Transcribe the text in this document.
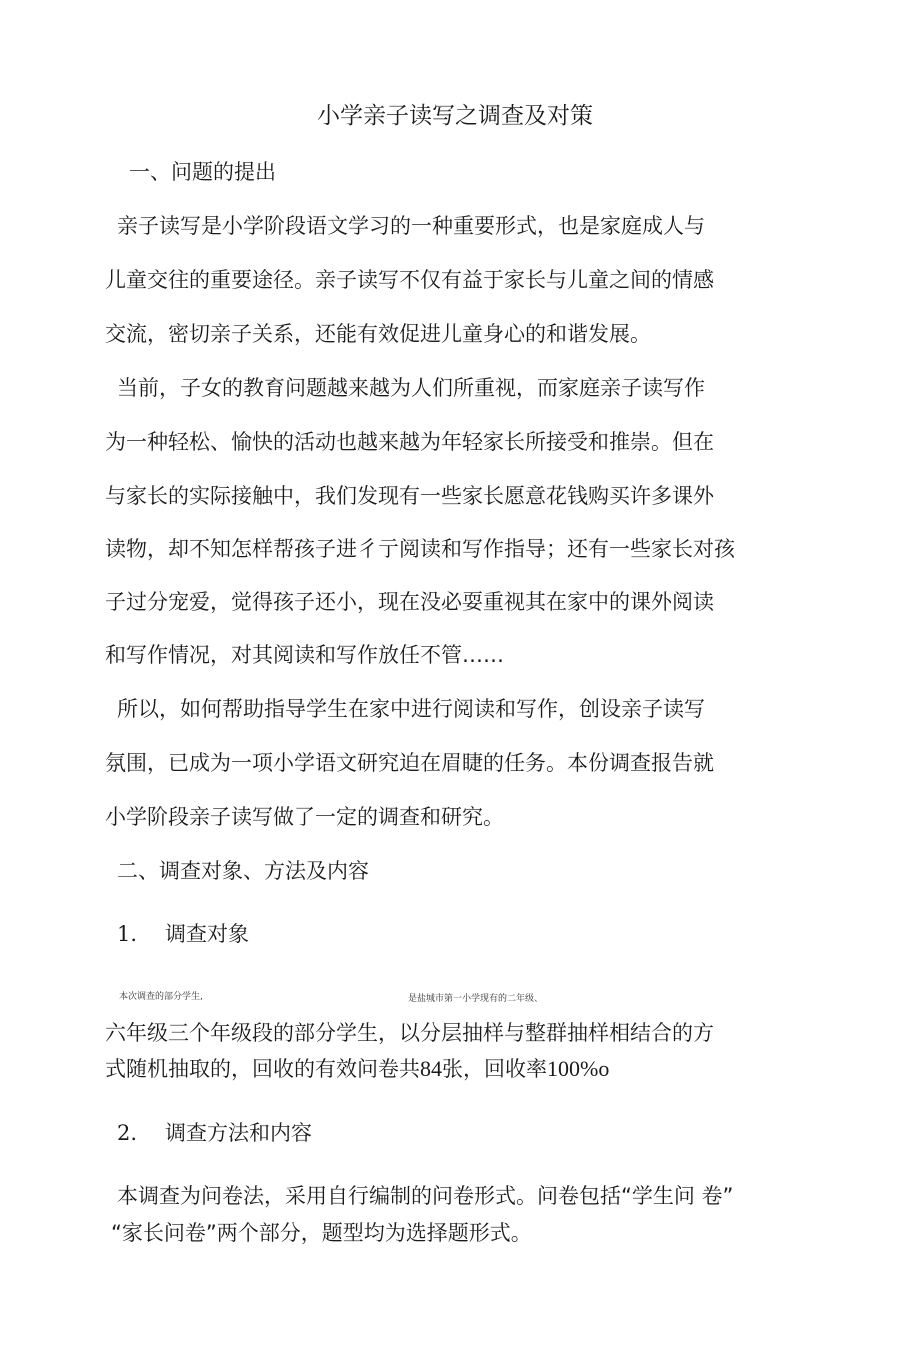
小学亲子读写之调查及对策
一、问题的提出
亲子读写是小学阶段语文学习的一种重要形式，也是家庭成人与
儿童交往的重要途径。亲子读写不仅有益于家长与儿童之间的情感
交流，密切亲子关系，还能有效促进儿童身心的和谐发展。
当前，子女的教育问题越来越为人们所重视，而家庭亲子读写作
为一种轻松、愉快的活动也越来越为年轻家长所接受和推崇。但在
与家长的实际接触中，我们发现有一些家长愿意花钱购买许多课外
读物，却不知怎样帮孩子进彳亍阅读和写作指导；还有一些家长对孩
子过分宠爱，觉得孩子还小，现在没必耍重视其在家中的课外阅读
和写作情况，对其阅读和写作放任不管……
所以，如何帮助指导学生在家中进行阅读和写作，创设亲子读写
氛围，已成为一项小学语文研究迫在眉睫的任务。本份调查报告就
小学阶段亲子读写做了一定的调查和研究。
二、调查对象、方法及内容
1. 调查对象
本次调查的部分学生,	是盐城市第一小学现有的二年级、
六年级三个年级段的部分学生，以分层抽样与整群抽样相结合的方
式随机抽取的，回收的有效问卷共84张，回收率100%o
2. 调查方法和内容
本调查为问卷法，采用自行编制的问卷形式。问卷包括“学生问 卷”
“家长问卷”两个部分，题型均为选择题形式。
